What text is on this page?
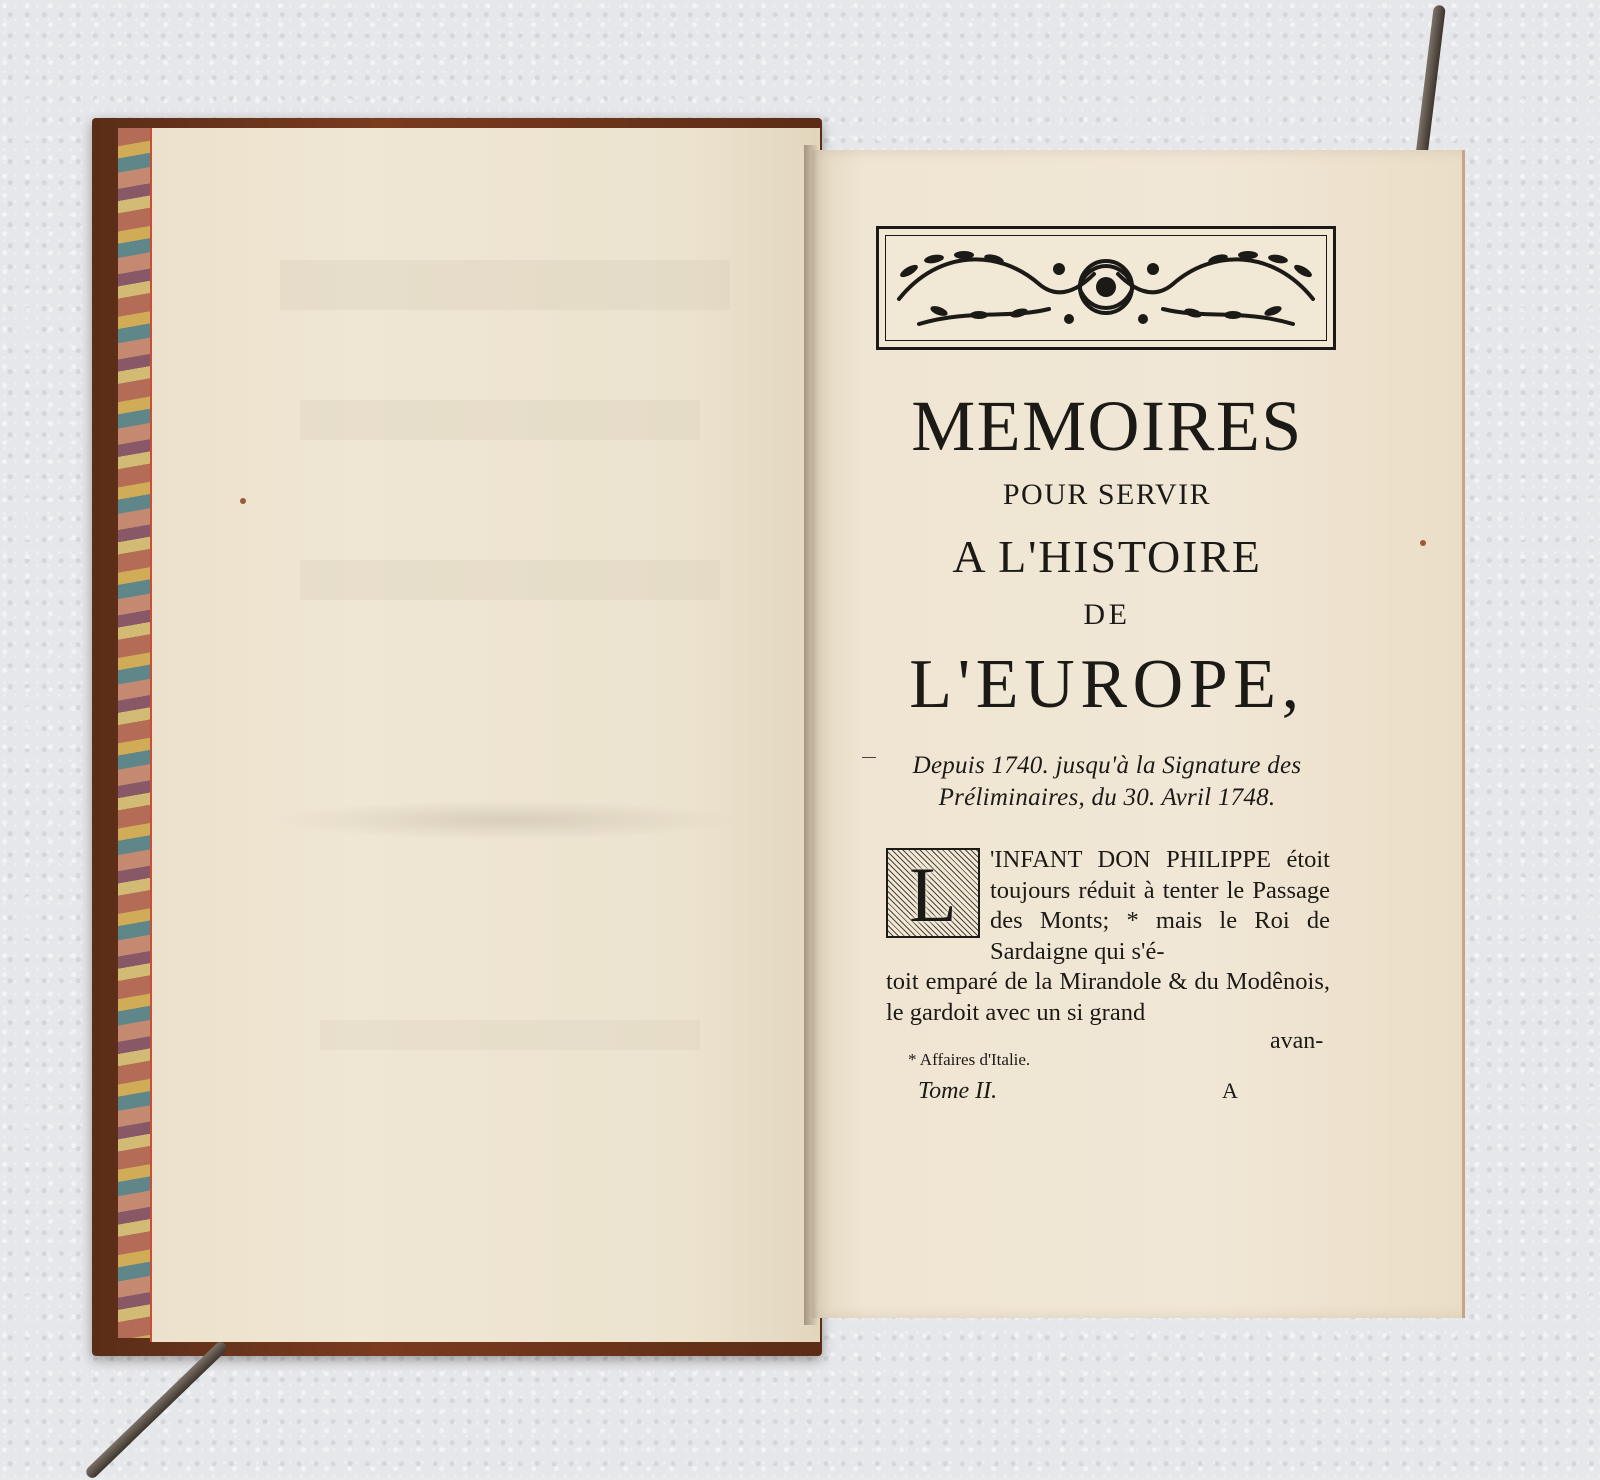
MEMOIRES
POUR SERVIR
A L'HISTOIRE
DE
L'EUROPE,
Depuis 1740. jusqu'à la Signature des
Préliminaires, du 30. Avril 1748.
L	'INFANT DON PHILIPPE étoit toujours réduit à tenter le Passage des Monts; * mais le Roi de Sardaigne qui s'é-
toit emparé de la Mirandole & du Modênois, le gardoit avec un si grand
avan-
* Affaires d'Italie.
Tome II.	A
